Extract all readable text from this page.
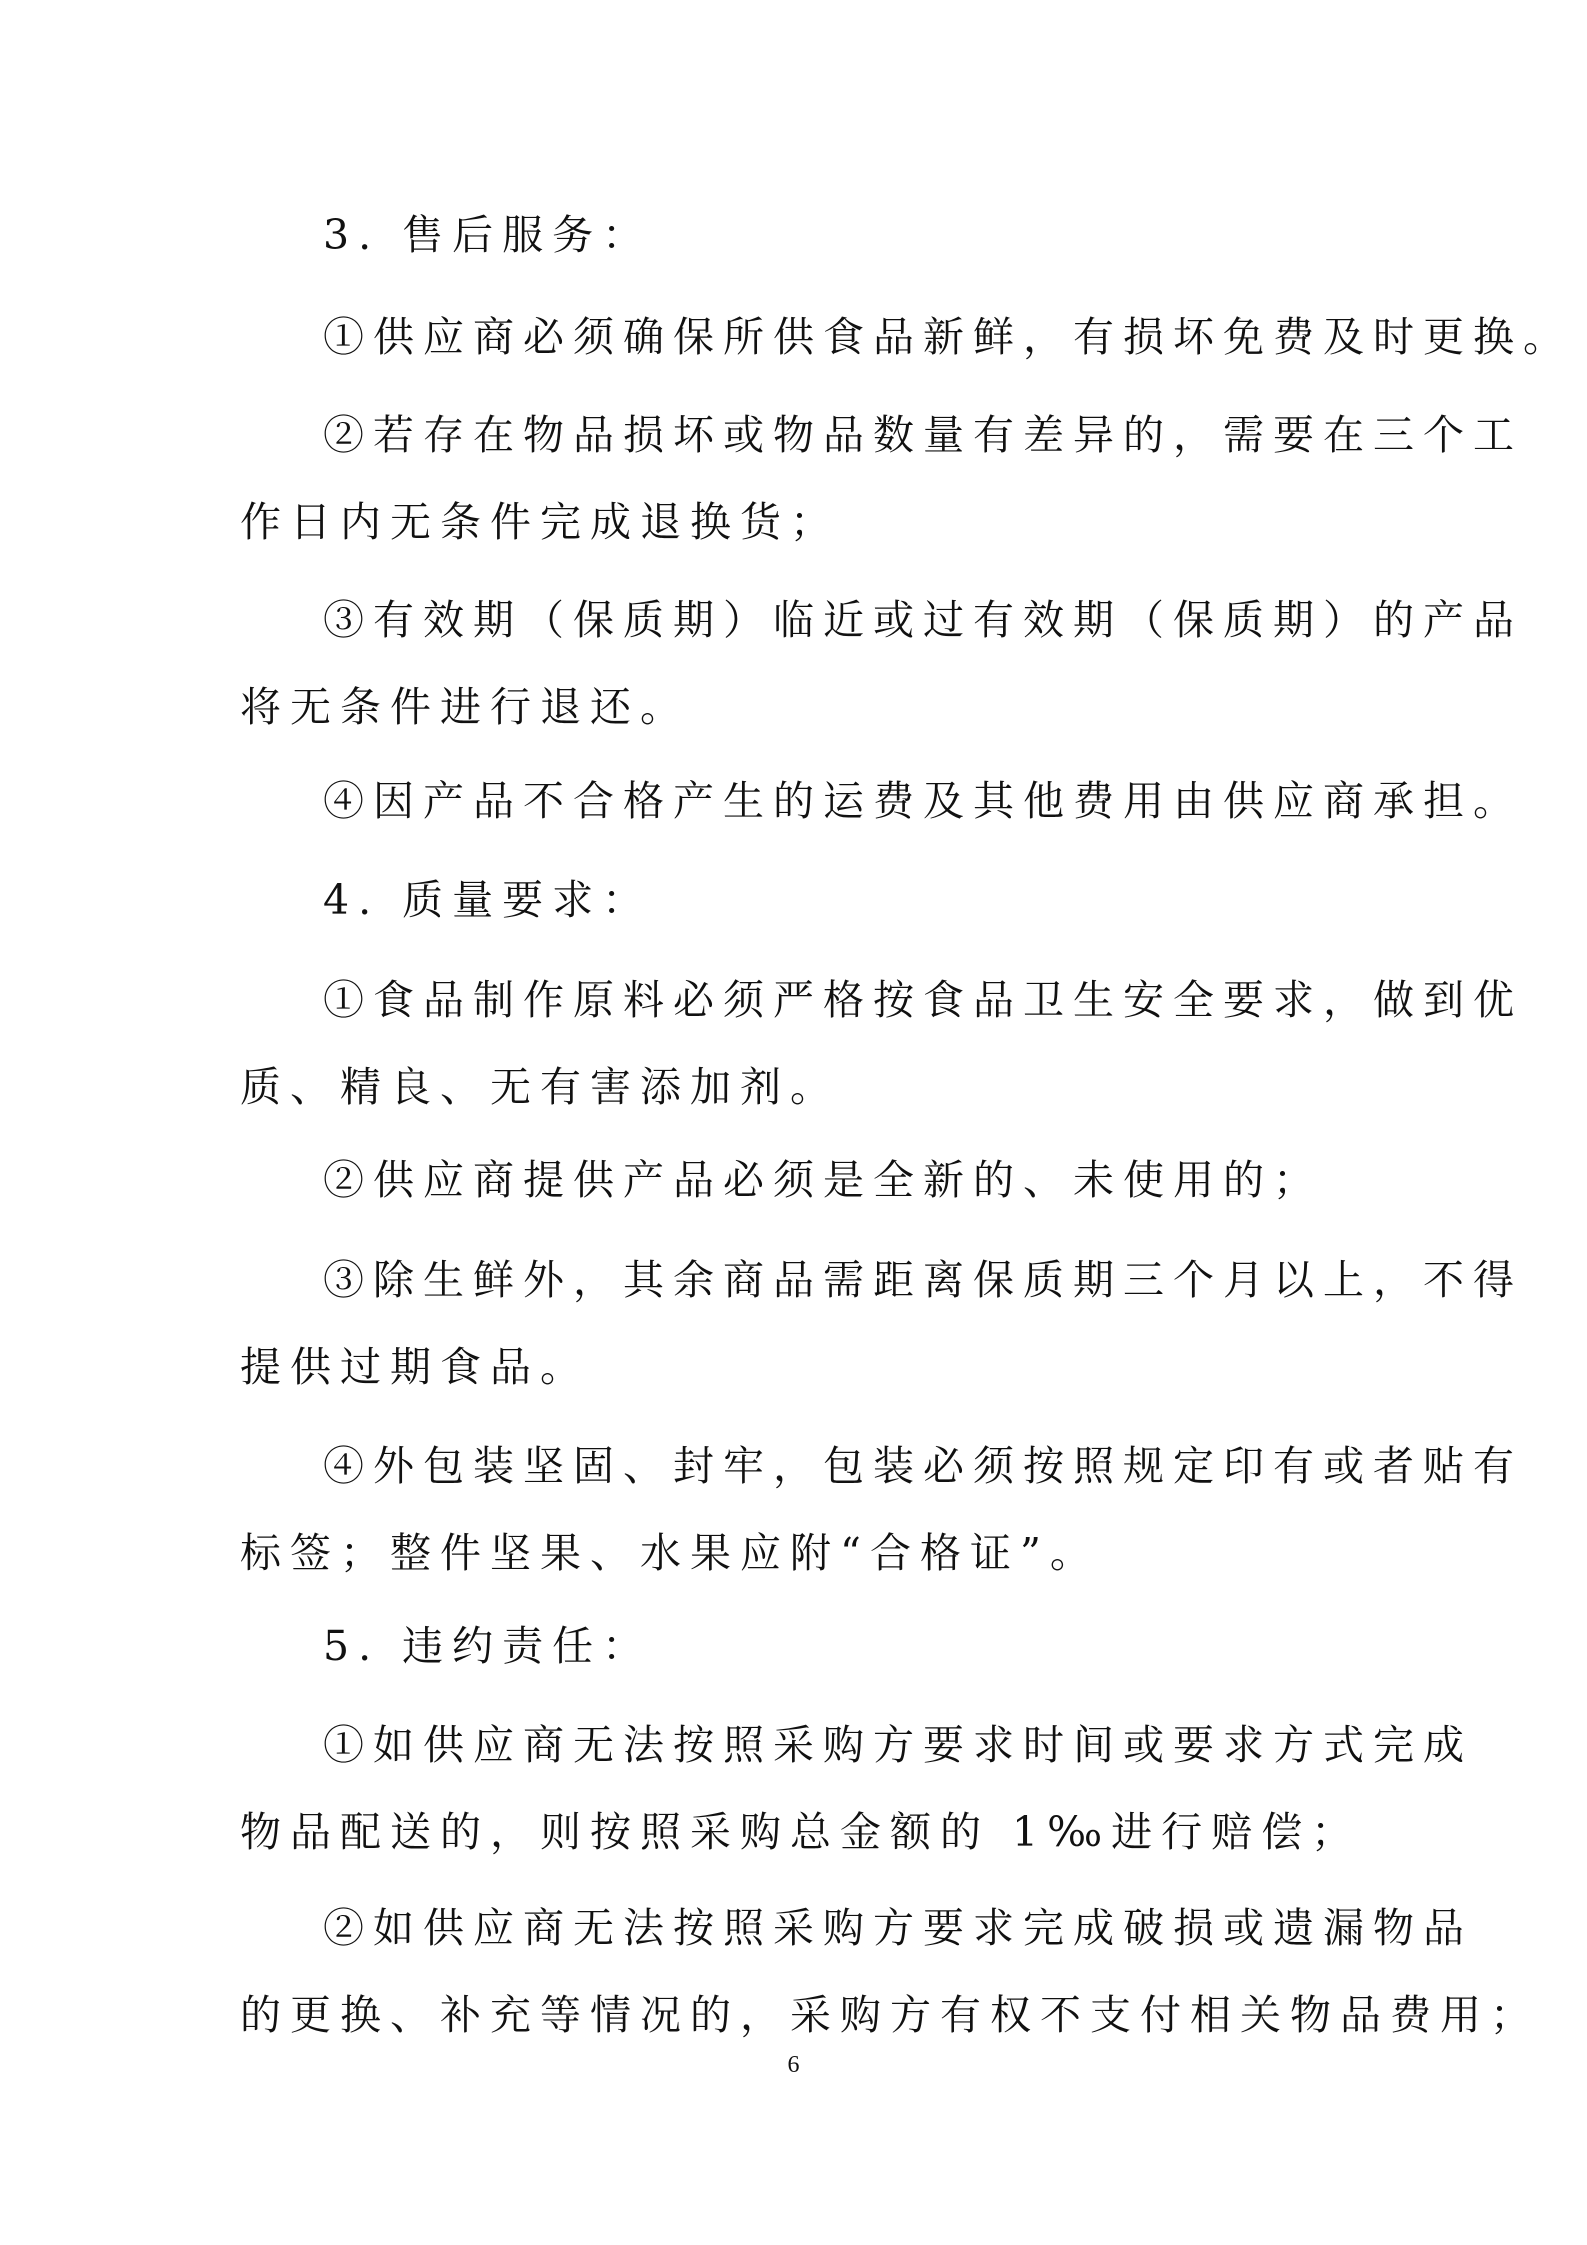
3. 售后服务：
①供应商必须确保所供食品新鲜，有损坏免费及时更换。
②若存在物品损坏或物品数量有差异的，需要在三个工
作日内无条件完成退换货；
③有效期（保质期）临近或过有效期（保质期）的产品
将无条件进行退还。
④因产品不合格产生的运费及其他费用由供应商承担。
4. 质量要求：
①食品制作原料必须严格按食品卫生安全要求，做到优
质、精良、无有害添加剂。
②供应商提供产品必须是全新的、未使用的；
③除生鲜外，其余商品需距离保质期三个月以上，不得
提供过期食品。
④外包装坚固、封牢，包装必须按照规定印有或者贴有
标签；整件坚果、水果应附“合格证”。
5. 违约责任：
①如供应商无法按照采购方要求时间或要求方式完成
物品配送的，则按照采购总金额的 1‰进行赔偿；
②如供应商无法按照采购方要求完成破损或遗漏物品
的更换、补充等情况的，采购方有权不支付相关物品费用；
6
